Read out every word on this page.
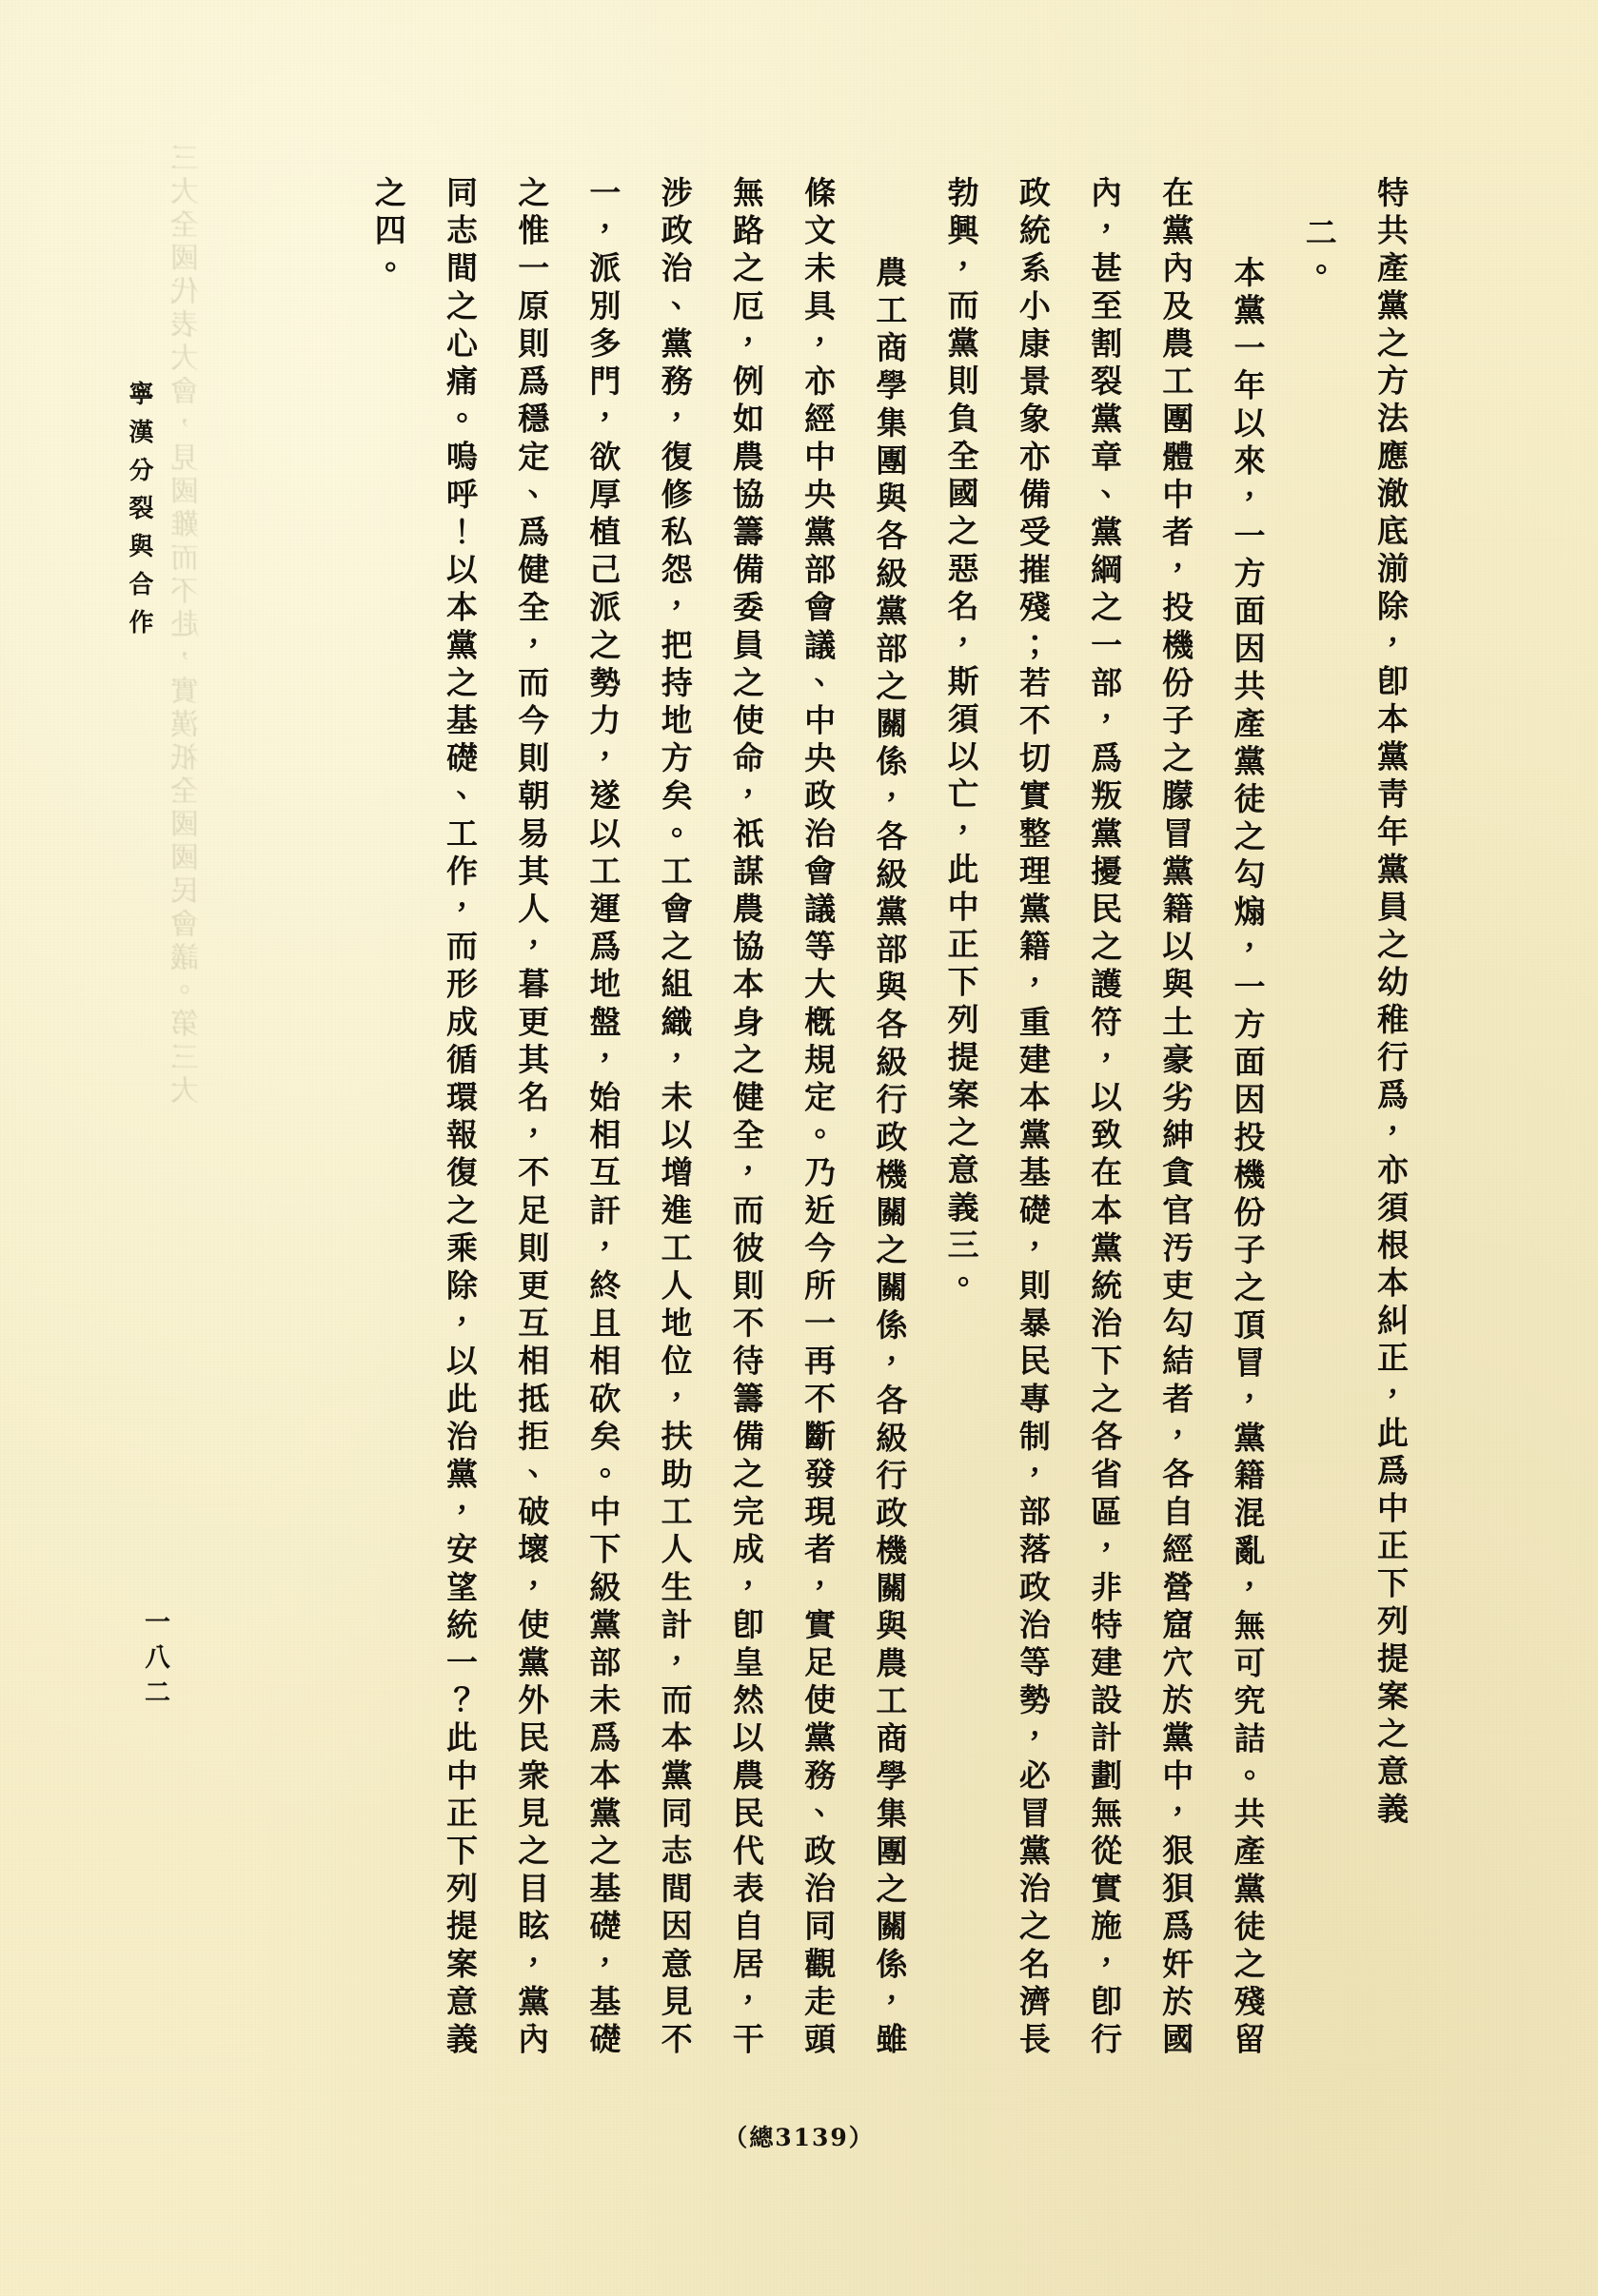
三大全國代表大會，見國難而不赴，實漢祇全國國民會議。第三大	特共產黨之方法應澈底湔除，卽本黨靑年黨員之幼稚行爲，亦須根本糾正，此爲中正下列提案之意義

二。

本黨一年以來，一方面因共產黨徒之勾煽，一方面因投機份子之頂冒，黨籍混亂，無可究詰。共產黨徒之殘留在黨內及農工團體中者，投機份子之朦冒黨籍以與土豪劣紳貪官汚吏勾結者，各自經營窟穴於黨中，狠狽爲奸於國內，甚至割裂黨章、黨綱之一部，爲叛黨擾民之護符，以致在本黨統治下之各省區，非特建設計劃無從實施，卽行政統系小康景象亦備受摧殘；若不切實整理黨籍，重建本黨基礎，則暴民專制，部落政治等勢，必冒黨治之名濟長勃興，而黨則負全國之惡名，斯須以亡，此中正下列提案之意義三。

農工商學集團與各級黨部之關係，各級黨部與各級行政機關之關係，各級行政機關與農工商學集團之關係，雖條文未具，亦經中央黨部會議、中央政治會議等大槪規定。乃近今所一再不斷發現者，實足使黨務、政治同觀走頭無路之厄，例如農協籌備委員之使命，祇謀農協本身之健全，而彼則不待籌備之完成，卽皇然以農民代表自居，干涉政治、黨務，復修私怨，把持地方矣。工會之組織，未以增進工人地位，扶助工人生計，而本黨同志間因意見不一，派別多門，欲厚植己派之勢力，遂以工運爲地盤，始相互訐，終且相砍矣。中下級黨部未爲本黨之基礎，基礎之惟一原則爲穩定、爲健全，而今則朝易其人，暮更其名，不足則更互相抵拒、破壞，使黨外民衆見之目眩，黨內同志間之心痛。嗚呼！以本黨之基礎、工作，而形成循環報復之乘除，以此治黨，安望統一？此中正下列提案意義之四。

寧漢分裂與合作
一八二
（總3139）
